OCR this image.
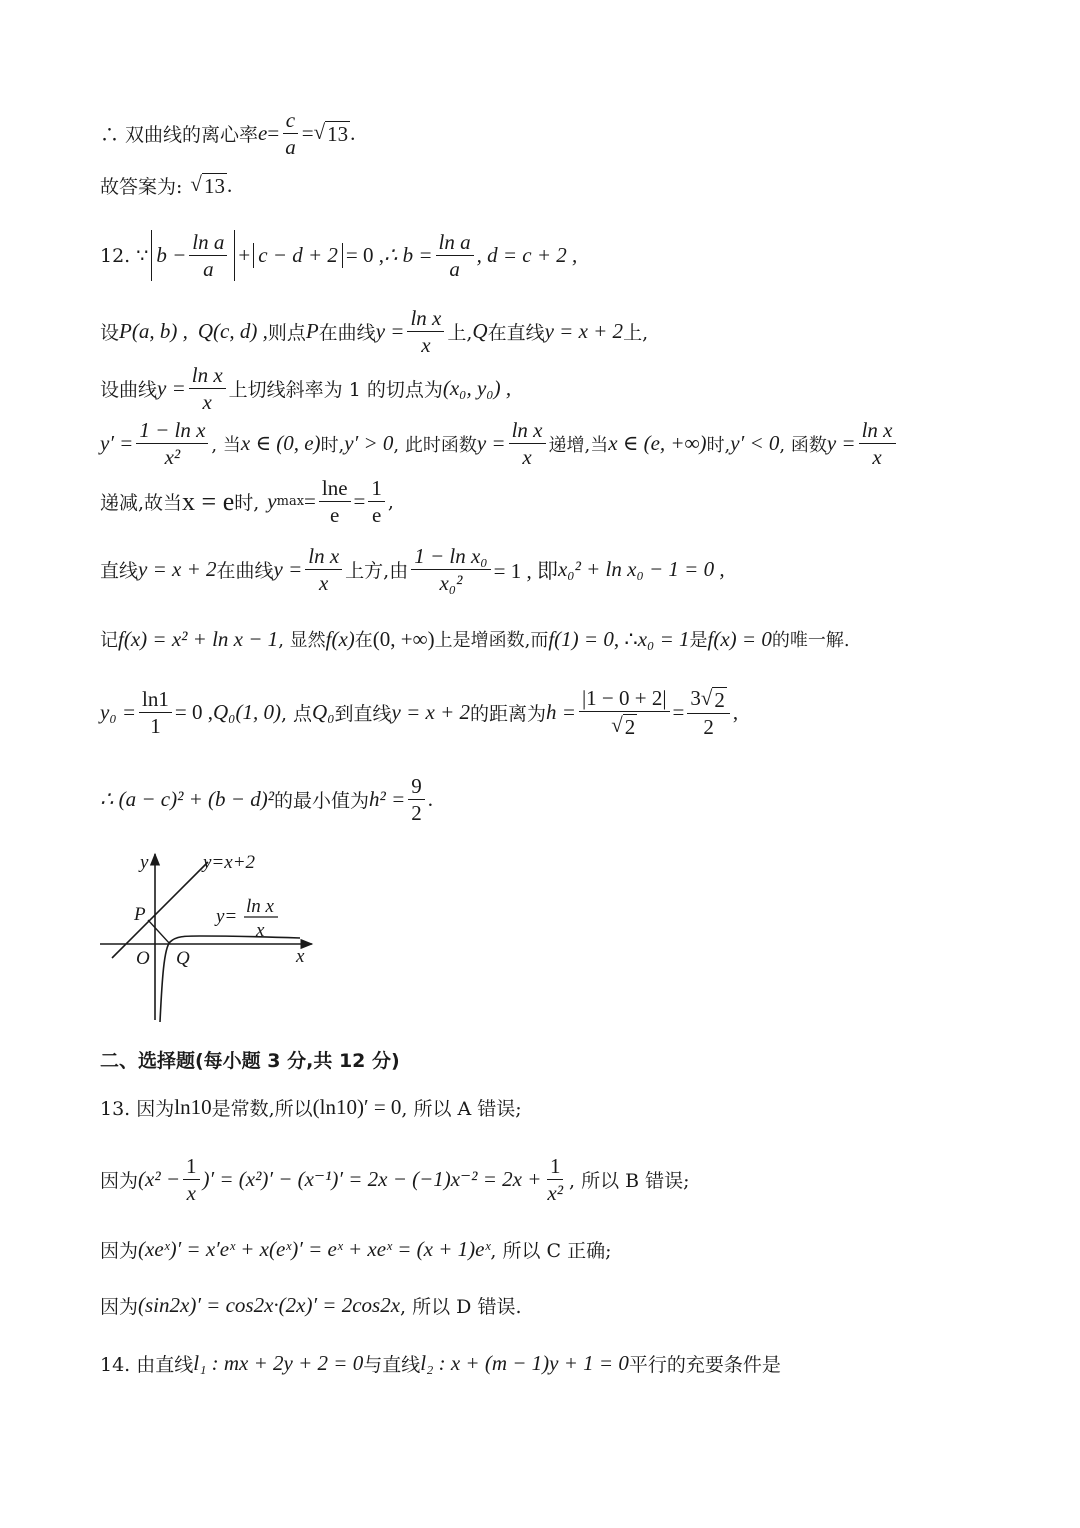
∴ 双曲线的离心率 $e = \frac{c}{a}$ = √ 13 .
故答案为: √ 13 .
12. ∵ $b - \frac{\text{ln a}}{a} + c - d + 2 = 0$ , ∴ $b = \frac{\text{ln a}}{a}$ , d = c + 2 ,
设 P(a, b) , Q(c, d) , 则点 P 在曲线 $y = \frac{\text{ln x}}{x}$ 上, Q 在直线 y = x + 2 上,
设曲线 $y = \frac{\text{ln x}}{x}$ 上切线斜率为 1 的切点为 (x₀, y₀) ,
$y' = \frac{\text{1 − ln x}}{\text{x²}}$ , 当 x ∈ (0, e) 时, y′ > 0 , 此时函数 $y = \frac{\text{ln x}}{x}$ 递增,当 x ∈ (e, +∞) 时, y′ < 0 , 函数 $y = \frac{\text{ln x}}{x}$
递减,故当 x = e 时, y $\max = \frac{\ln e}{e} = \frac{1}{e}$ ,
直线 y = x + 2 在曲线 $y = \frac{\text{ln x}}{x}$ 上方,由 $\frac{\text{1 − ln x₀}}{\text{x₀²}} = 1$ , 即 x₀² + ln x₀ − 1 = 0 ,
记 f(x) = x² + ln x − 1 , 显然 f(x) 在 (0, +∞) 上是增函数,而 f(1) = 0 , ∴ x₀ = 1 是 f(x) = 0 的唯一解.
$y_0 = \frac{\ln 1}{1} = 0$ , Q₀(1, 0) , 点 Q₀ 到直线 y = x + 2 的距离为 $h = \frac{|1 - 0 + 2|}{√ 2} = \frac{3√ 2}{2}$ ,
∴ (a − c)² + (b − d)² 的最小值为 $h^2 = \frac{9}{2}$ .
y	y=x+2
y= ln x
x
P
O Q	x
二、选择题(每小题 3 分,共 12 分)
13. 因为 ln10 是常数,所以 (ln10)′ = 0 , 所以 A 错误;
因为 ($x^2 - \frac{1}{x}$ )′ = $(x^2)' - (x^{-1})' = 2x - (-1)x^{-2} = 2x + \frac{1}{\text{x²}}$ , 所以 B 错误;
因为 (xeˣ)′ = x′eˣ + x(eˣ)′ = eˣ + xeˣ = (x + 1)eˣ , 所以 C 正确;
因为 (sin2x)′ = cos2x·(2x)′ = 2cos2x , 所以 D 错误.
14. 由直线 l₁ : mx + 2y + 2 = 0 与直线 l₂ : x + (m − 1)y + 1 = 0 平行的充要条件是
